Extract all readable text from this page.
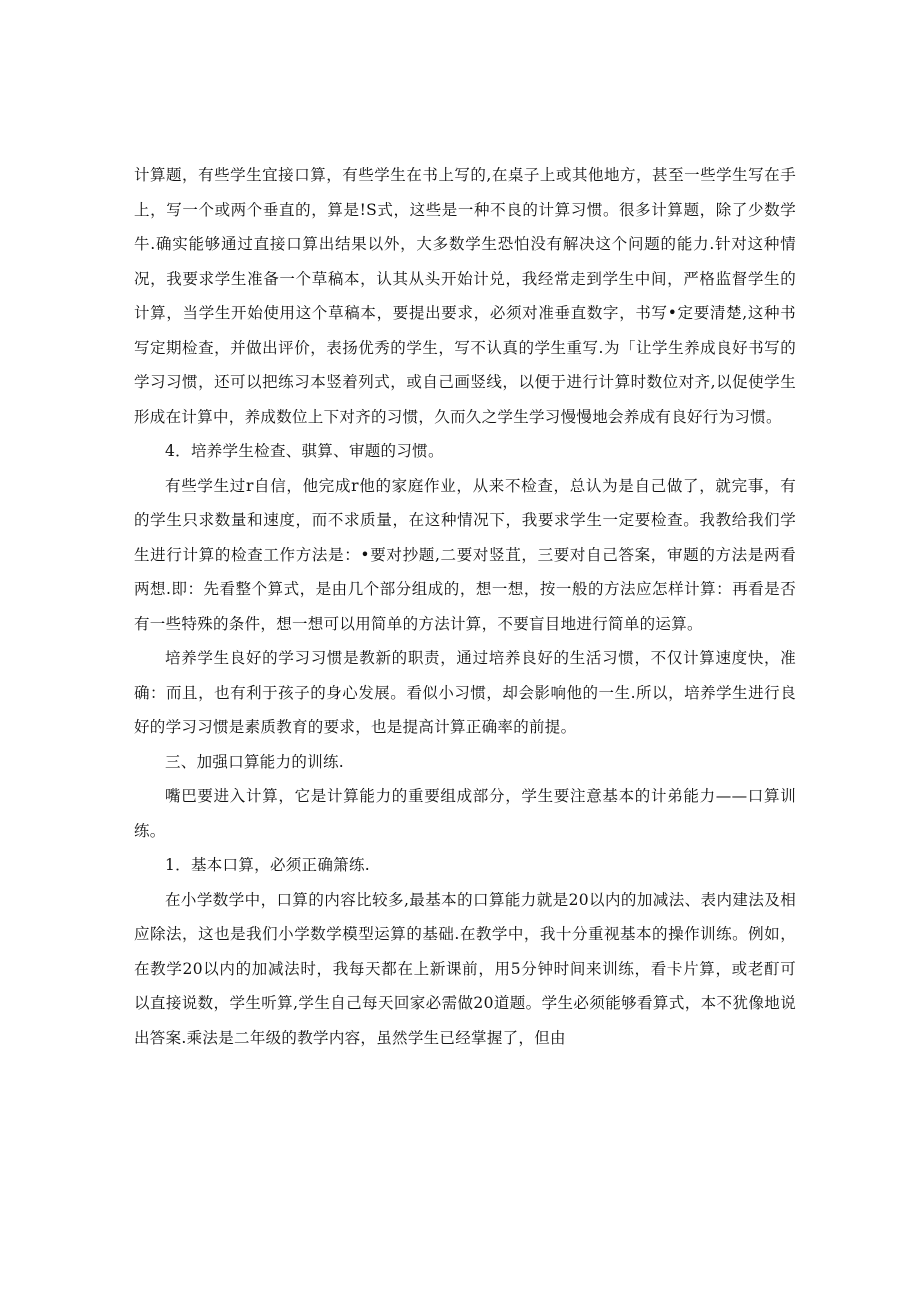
计算题，有些学生宜接口算，有些学生在书上写的,在桌子上或其他地方，甚至一些学生写在手上，写一个或两个垂直的，算是!S式，这些是一种不良的计算习惯。很多计算题，除了少数学牛.确实能够通过直接口算出结果以外，大多数学生恐怕没有解决这个问题的能力.针对这种情况，我要求学生准备一个草稿本，认其从头开始计兑，我经常走到学生中间，严格监督学生的计算，当学生开始使用这个草稿本，要提出要求，必须对准垂直数字，书写•定要清楚,这种书写定期检查，并做出评价，表扬优秀的学生，写不认真的学生重写.为「让学生养成良好书写的学习习惯，还可以把练习本竖着列式，或自己画竖线，以便于进行计算时数位对齐,以促使学生形成在计算中，养成数位上下对齐的习惯，久而久之学生学习慢慢地会养成有良好行为习惯。

4．培养学生检查、骐算、审题的习惯。

有些学生过r自信，他完成r他的家庭作业，从来不检查，总认为是自己做了，就完事，有的学生只求数量和速度，而不求质量，在这种情况下，我要求学生一定要检查。我教给我们学生进行计算的检查工作方法是：•要对抄题,二要对竖苴，三要对自己答案，审题的方法是两看两想.即：先看整个算式，是由几个部分组成的，想一想，按一般的方法应怎样计算：再看是否有一些特殊的条件，想一想可以用简单的方法计算，不要盲目地进行简单的运算。

培养学生良好的学习习惯是教新的职责，通过培养良好的生活习惯，不仅计算速度快，准确：而且，也有利于孩子的身心发展。看似小习惯，却会影响他的一生.所以，培养学生进行良好的学习习惯是素质教育的要求，也是提高计算正确率的前提。

三、加强口算能力的训练.

嘴巴要进入计算，它是计算能力的重要组成部分，学生要注意基本的计弟能力——口算训练。

1．基本口算，必须正确箫练.

在小学数学中，口算的内容比较多,最基本的口算能力就是20以内的加减法、表内建法及相应除法，这也是我们小学数学模型运算的基础.在教学中，我十分重视基本的操作训练。例如，在教学20以内的加减法时，我每天都在上新课前，用5分钟时间来训练，看卡片算，或老酊可以直接说数，学生听算,学生自己每天回家必需做20道题。学生必须能够看算式，本不犹像地说出答案.乘法是二年级的教学内容，虽然学生已经掌握了，但由
